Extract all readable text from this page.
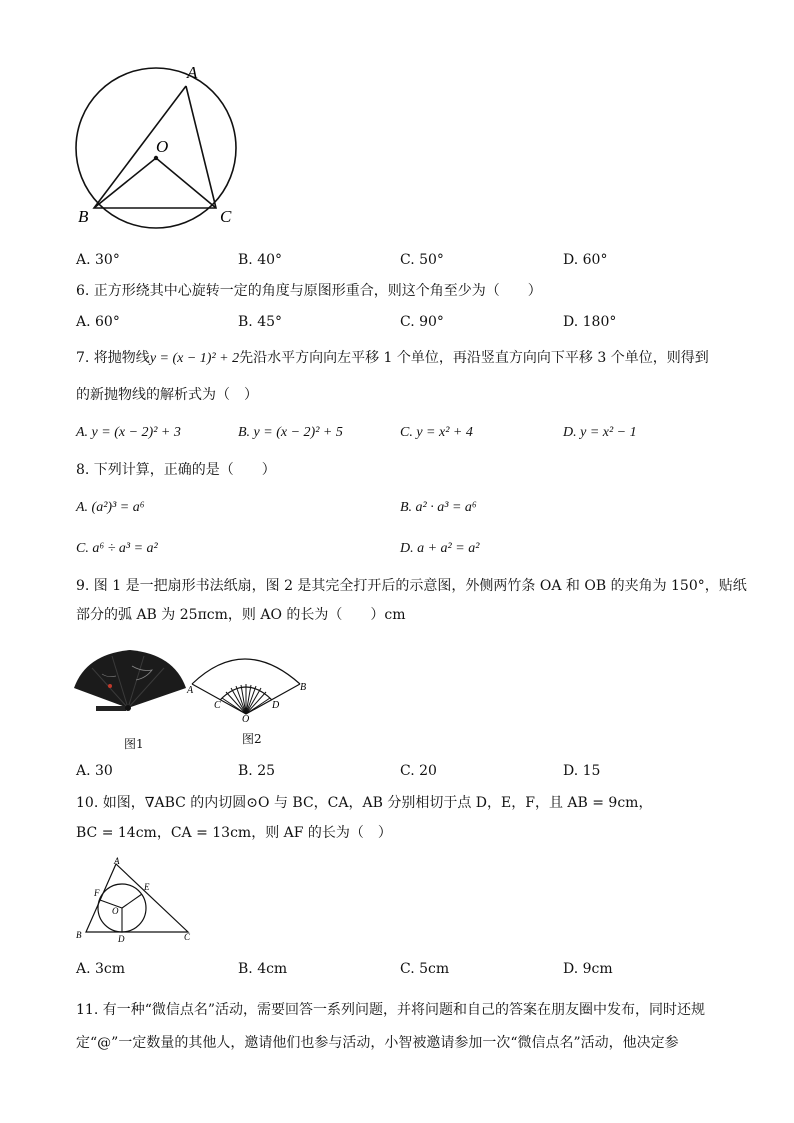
A
O
B	C
A. 30°	B. 40°	C. 50°	D. 60°
6. 正方形绕其中心旋转一定的角度与原图形重合，则这个角至少为（　　）
A. 60°	B. 45°	C. 90°	D. 180°
7. 将抛物线y = (x − 1)² + 2先沿水平方向向左平移 1 个单位，再沿竖直方向向下平移 3 个单位，则得到
的新抛物线的解析式为（　）
A. y = (x − 2)² + 3	B. y = (x − 2)² + 5	C. y = x² + 4	D. y = x² − 1
8. 下列计算，正确的是（　　）
A. (a²)³ = a⁶	B. a² · a³ = a⁶
C. a⁶ ÷ a³ = a²	D. a + a² = a²
9. 图 1 是一把扇形书法纸扇，图 2 是其完全打开后的示意图，外侧两竹条 OA 和 OB 的夹角为 150°，贴纸
部分的弧 AB 为 25πcm，则 AO 的长为（　　）cm
图1
A	B
C	D
O
图2
A. 30	B. 25	C. 20	D. 15
10. 如图，∇ABC 的内切圆⊙O 与 BC，CA，AB 分别相切于点 D，E，F，且 AB = 9cm，
BC = 14cm，CA = 13cm，则 AF 的长为（　）
A
E
F
O
B	D	C
A. 3cm	B. 4cm	C. 5cm	D. 9cm
11. 有一种“微信点名”活动，需要回答一系列问题，并将问题和自己的答案在朋友圈中发布，同时还规
定“@”一定数量的其他人，邀请他们也参与活动，小智被邀请参加一次“微信点名”活动，他决定参
